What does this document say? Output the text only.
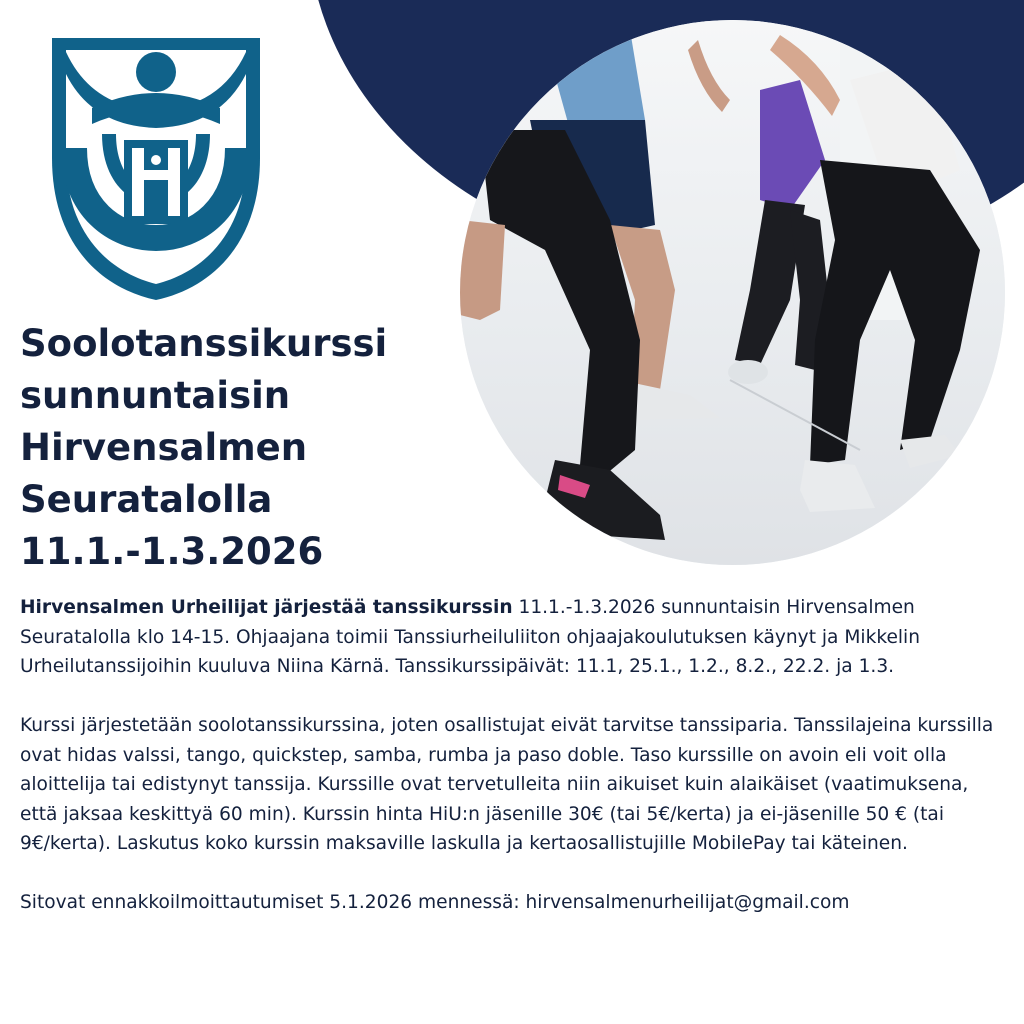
Soolotanssikurssi
sunnuntaisin
Hirvensalmen
Seuratalolla
11.1.-1.3.2026

Hirvensalmen Urheilijat järjestää tanssikurssin 11.1.-1.3.2026 sunnuntaisin Hirvensalmen Seuratalolla klo 14-15. Ohjaajana toimii Tanssiurheiluliiton ohjaajakoulutuksen käynyt ja Mikkelin Urheilutanssijoihin kuuluva Niina Kärnä. Tanssikurssipäivät: 11.1, 25.1., 1.2., 8.2., 22.2. ja 1.3.

Kurssi järjestetään soolotanssikurssina, joten osallistujat eivät tarvitse tanssiparia. Tanssilajeina kurssilla ovat hidas valssi, tango, quickstep, samba, rumba ja paso doble. Taso kurssille on avoin eli voit olla aloittelija tai edistynyt tanssija. Kurssille ovat tervetulleita niin aikuiset kuin alaikäiset (vaatimuksena, että jaksaa keskittyä 60 min). Kurssin hinta HiU:n jäsenille 30€ (tai 5€/kerta) ja ei-jäsenille 50 € (tai 9€/kerta). Laskutus koko kurssin maksaville laskulla ja kertaosallistujille MobilePay tai käteinen.

Sitovat ennakkoilmoittautumiset 5.1.2026 mennessä: hirvensalmenurheilijat@gmail.com
